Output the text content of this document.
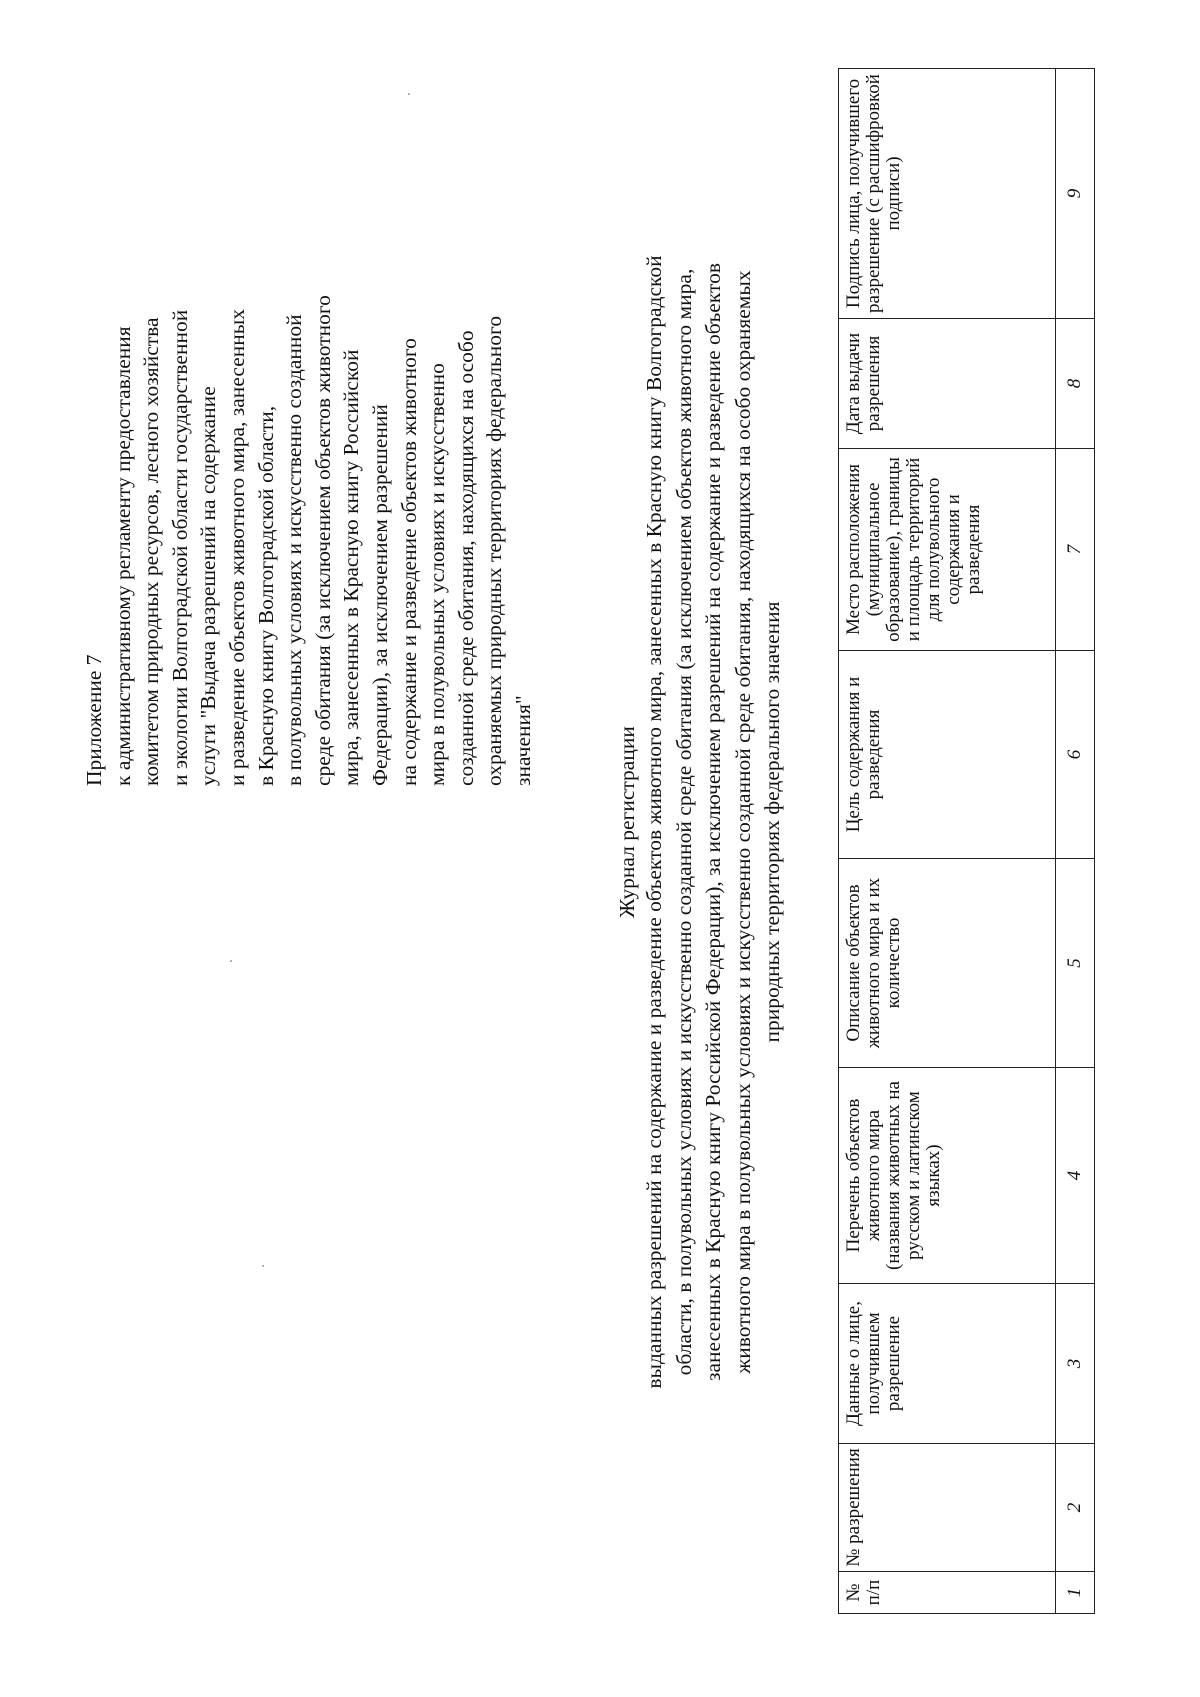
Приложение 7 к административному регламенту предоставления комитетом природных ресурсов, лесного хозяйства и экологии Волгоградской области государственной услуги "Выдача разрешений на содержание и разведение объектов животного мира, занесенных в Красную книгу Волгоградской области, в полувольных условиях и искусственно созданной среде обитания (за исключением объектов животного мира, занесенных в Красную книгу Российской Федерации), за исключением разрешений на содержание и разведение объектов животного мира в полувольных условиях и искусственно созданной среде обитания, находящихся на особо охраняемых природных территориях федерального значения"	Журнал регистрации выданных разрешений на содержание и разведение объектов животного мира, занесенных в Красную книгу Волгоградской области, в полувольных условиях и искусственно созданной среде обитания (за исключением объектов животного мира, занесенных в Красную книгу Российской Федерации), за исключением разрешений на содержание и разведение объектов животного мира в полувольных условиях и искусственно созданной среде обитания, находящихся на особо охраняемых природных территориях федерального значения
№ п/п	№ разрешения	Данные о лице, получившем разрешение	Перечень объектов животного мира (названия животных на русском и латинском языках)	Описание объектов животного мира и их количество	Цель содержания и разведения	Место расположения (муниципальное образование), границы и площадь территорий для полувольного содержания и разведения	Дата выдачи разрешения	Подпись лица, получившего разрешение (с расшифровкой подписи)
1	2	3	4	5	6	7	8	9
